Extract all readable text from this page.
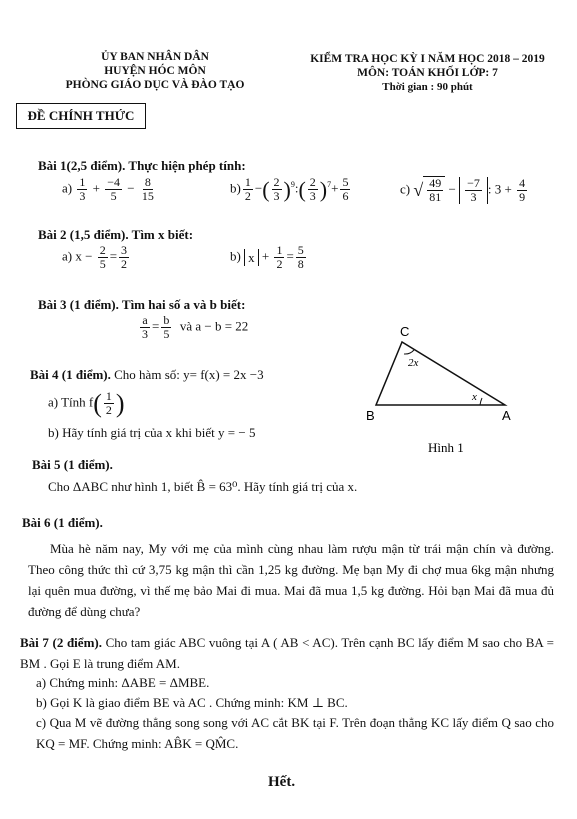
ỦY BAN NHÂN DÂN
HUYỆN HÓC MÔN
PHÒNG GIÁO DỤC VÀ ĐÀO TẠO
KIỂM TRA HỌC KỲ I NĂM HỌC 2018 – 2019
MÔN: TOÁN KHỐI LỚP: 7
Thời gian : 90 phút
ĐỀ CHÍNH THỨC
Bài 1(2,5 điểm). Thực hiện phép tính:
$a) \frac{1}{3} + \frac{-4}{5} - \frac{8}{15}$	$b) \frac{1}{2}$ −( $\frac{2}{3}$ )$^9$:( $\frac{2}{3} )^7+ \frac{5}{6}$	c) √ $\frac{49}{81} - \frac{-7}{3}$ : $3 + \frac{4}{9}$
Bài 2 (1,5 điểm). Tìm x biết:
a) $x - \frac{2}{5} = \frac{3}{2}$	b) $x + \frac{1}{2} = \frac{5}{8}$
Bài 3 (1 điểm). Tìm hai số a và b biết:
$\frac{a}{3} = \frac{b}{5}$ và a − b = 22
Bài 4 (1 điểm). Cho hàm số: y= f(x) = 2x −3
a) Tính $f( \frac{1}{2}$ )
b) Hãy tính giá trị của x khi biết y = − 5
C
B	A
2x
x
Hình 1
Bài 5 (1 điểm).
Cho ΔABC như hình 1, biết B̂ = 63⁰. Hãy tính giá trị của x.
Bài 6 (1 điểm).
Mùa hè năm nay, My với mẹ của mình cùng nhau làm rượu mận từ trái mận chín và đường. Theo công thức thì cứ 3,75 kg mận thì cần 1,25 kg đường. Mẹ bạn My đi chợ mua 6kg mận nhưng lại quên mua đường, vì thế mẹ bảo Mai đi mua. Mai đã mua 1,5 kg đường. Hỏi bạn Mai đã mua đủ đường để dùng chưa?
Bài 7 (2 điểm). Cho tam giác ABC vuông tại A ( AB < AC). Trên cạnh BC lấy điểm M sao cho BA = BM . Gọi E là trung điểm AM.
a) Chứng minh: ΔABE = ΔMBE.
b) Gọi K là giao điểm BE và AC . Chứng minh: KM ⊥ BC.
c) Qua M vẽ đường thẳng song song với AC cắt BK tại F. Trên đoạn thẳng KC lấy điểm Q sao cho KQ = MF. Chứng minh: AB̂K = QM̂C.
Hết.
